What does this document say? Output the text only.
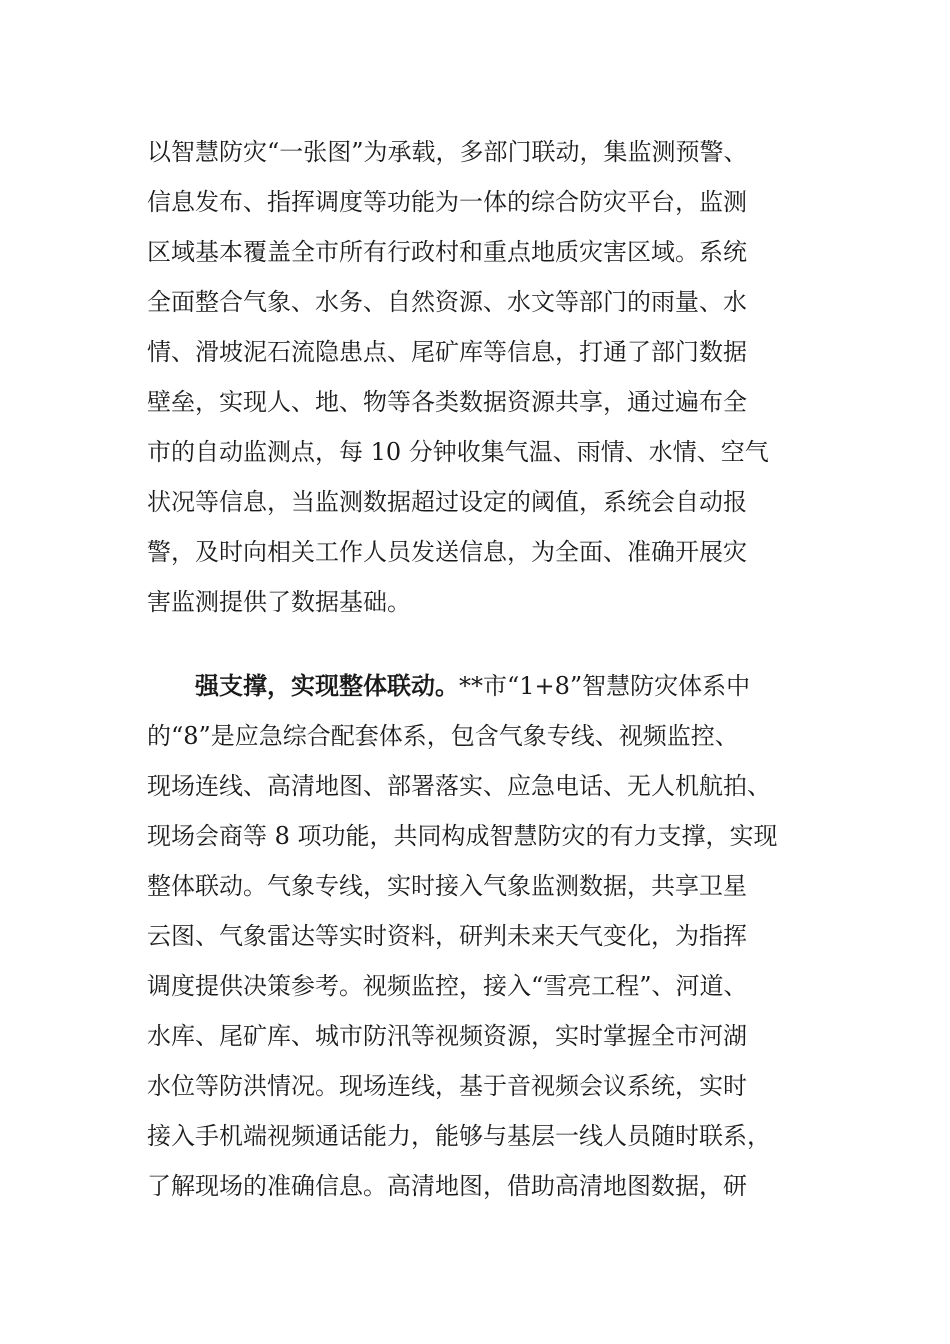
以智慧防灾“一张图”为承载，多部门联动，集监测预警、
信息发布、指挥调度等功能为一体的综合防灾平台，监测
区域基本覆盖全市所有行政村和重点地质灾害区域。系统
全面整合气象、水务、自然资源、水文等部门的雨量、水
情、滑坡泥石流隐患点、尾矿库等信息，打通了部门数据
壁垒，实现人、地、物等各类数据资源共享，通过遍布全
市的自动监测点，每 10 分钟收集气温、雨情、水情、空气
状况等信息，当监测数据超过设定的阈值，系统会自动报
警，及时向相关工作人员发送信息，为全面、准确开展灾
害监测提供了数据基础。
强支撑，实现整体联动。**市“1+8”智慧防灾体系中
的“8”是应急综合配套体系，包含气象专线、视频监控、
现场连线、高清地图、部署落实、应急电话、无人机航拍、
现场会商等 8 项功能，共同构成智慧防灾的有力支撑，实现
整体联动。气象专线，实时接入气象监测数据，共享卫星
云图、气象雷达等实时资料，研判未来天气变化，为指挥
调度提供决策参考。视频监控，接入“雪亮工程”、河道、
水库、尾矿库、城市防汛等视频资源，实时掌握全市河湖
水位等防洪情况。现场连线，基于音视频会议系统，实时
接入手机端视频通话能力，能够与基层一线人员随时联系，
了解现场的准确信息。高清地图，借助高清地图数据，研
